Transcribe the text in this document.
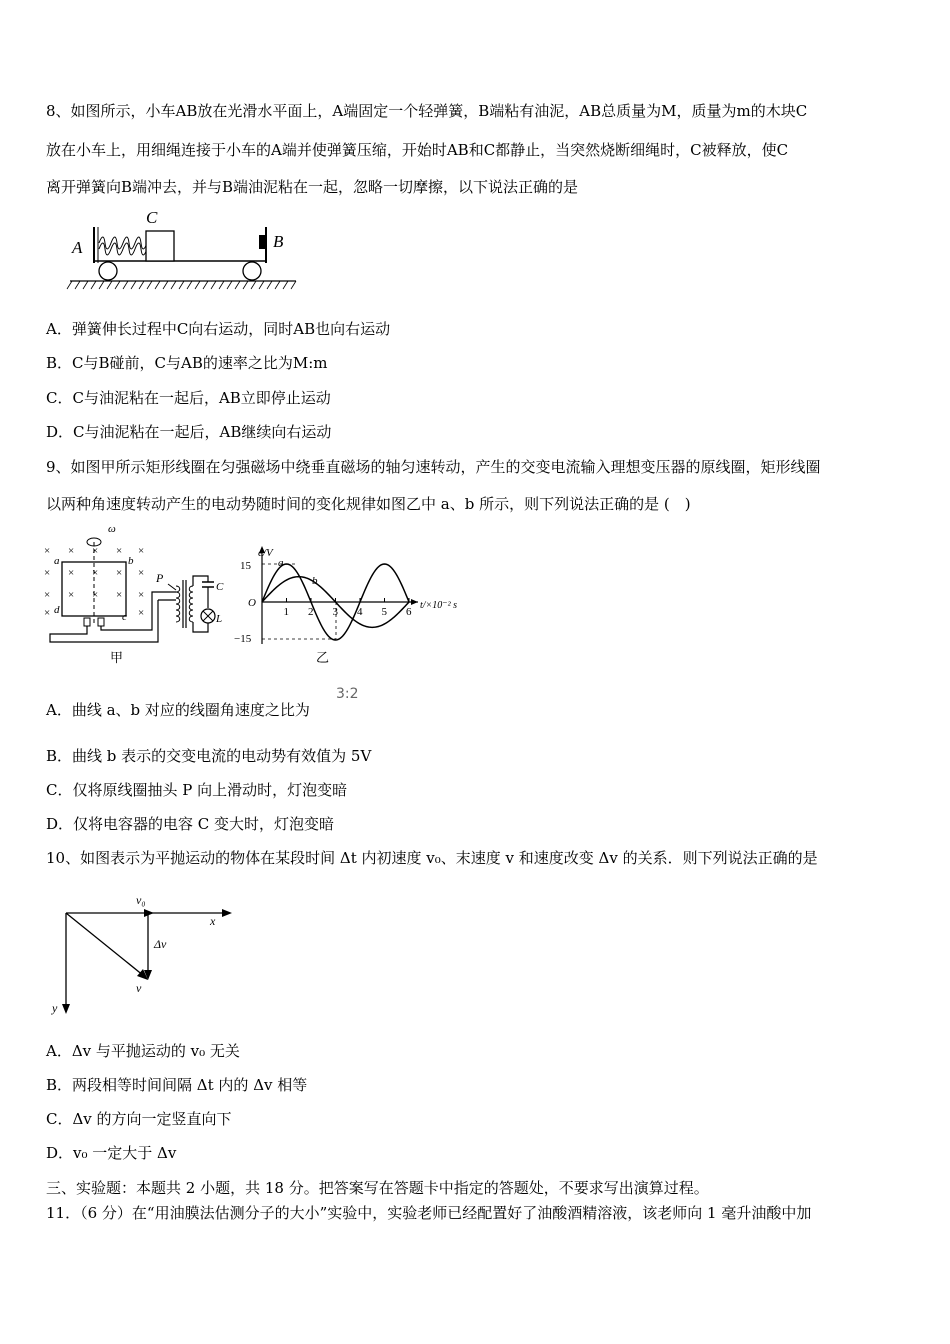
8、如图所示，小车AB放在光滑水平面上，A端固定一个轻弹簧，B端粘有油泥，AB总质量为M，质量为m的木块C
放在小车上，用细绳连接于小车的A端并使弹簧压缩，开始时AB和C都静止，当突然烧断细绳时，C被释放，使C
离开弹簧向B端冲去，并与B端油泥粘在一起，忽略一切摩擦，以下说法正确的是
A
C
B
A．弹簧伸长过程中C向右运动，同时AB也向右运动
B．C与B碰前，C与AB的速率之比为M:m
C．C与油泥粘在一起后，AB立即停止运动
D．C与油泥粘在一起后，AB继续向右运动
9、如图甲所示矩形线圈在匀强磁场中绕垂直磁场的轴匀速转动，产生的交变电流输入理想变压器的原线圈，矩形线圈
以两种角速度转动产生的电动势随时间的变化规律如图乙中 a、b 所示，则下列说法正确的是 (　)
× × × × ×
× × × × ×
× × × × ×
×	×
ω
a	b
c
d
C
L
P
甲
e/V
t/×10⁻² s
15
−15
O
1 2 3 4 5 6
a
b
乙
A．曲线 a、b 对应的线圈角速度之比为
3:2
B．曲线 b 表示的交变电流的电动势有效值为 5V
C．仅将原线圈抽头 P 向上滑动时，灯泡变暗
D．仅将电容器的电容 C 变大时，灯泡变暗
10、如图表示为平抛运动的物体在某段时间 Δt 内初速度 v₀、末速度 v 和速度改变 Δv 的关系．则下列说法正确的是
v₀
x
Δv
v
y
A．Δv 与平抛运动的 v₀ 无关
B．两段相等时间间隔 Δt 内的 Δv 相等
C．Δv 的方向一定竖直向下
D．v₀ 一定大于 Δv
三、实验题：本题共 2 小题，共 18 分。把答案写在答题卡中指定的答题处，不要求写出演算过程。
11．（6 分）在“用油膜法估测分子的大小”实验中，实验老师已经配置好了油酸酒精溶液，该老师向 1 毫升油酸中加
